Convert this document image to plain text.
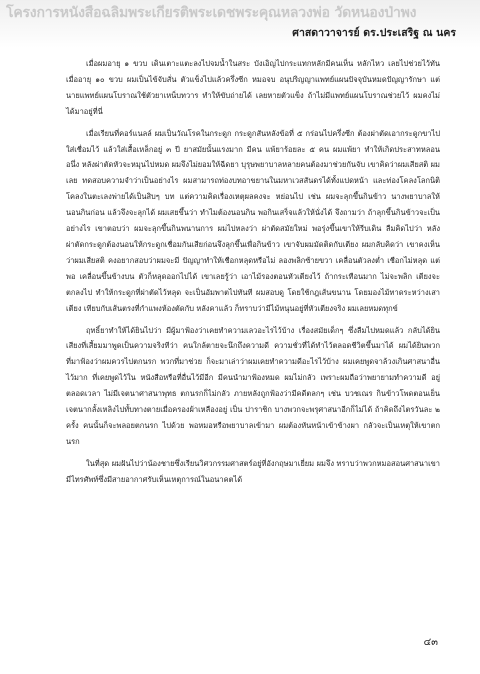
โครงการหนังสือฉลิมพระเกียรติพระเดชพระคุณหลวงพ่อ วัดหนองป่าพง
ศาสดาวาจารย์ ดร.ประเสริฐ ณ นคร

เมื่อผมอายุ ๑ ขวบ เดินเตาะแตะลงไปจมน้ำในสระ บังเอิญไปกระแทกหลักมีคนเห็น หลักไหว เลยไปช่วยไว้ทัน เมื่ออายุ ๑๐ ขวบ ผมเป็นไข้จับสั่น ตัวแข็งไปแล้วครึ่งซีก หมอจบ อนุปริญญาแพทย์แผนปัจจุบันหมดปัญญารักษา แต่นายแพทย์แผนโบราณใช้ตัวยาเหน็บทวาร ทำให้ขับถ่ายได้ เลยหายตัวแข็ง ถ้าไม่มีแพทย์แผนโบราณช่วยไว้ ผมคงไม่ได้มาอยู่ที่นี่

เมื่อเรียนที่คอร์แนลล์ ผมเป็นวัณโรคในกระดูก กระดูกสันหลังข้อที่ ๕ กร่อนไปครึ่งซีก ต้องผ่าตัดเอากระดูกขาไปใส่เชื่อมไว้ แล้วใส่เสื้อเหล็กอยู่ ๓ ปี ยาสมัยนั้นแรงมาก มีคน แพ้ยาร้อยละ ๕ คน ผมแพ้ยา ทำให้เกิดประสาทหลอน อนึ่ง หลังผ่าตัดหัวจะหมุนไปหมด ผมจึงไม่ยอมให้ฉีดยา บุรุษพยาบาลหลายคนต้องมาช่วยกันจับ เขาคิดว่าผมเสียสติ ผมเลย ทดสอบความจำว่าเป็นอย่างไร ผมสามารถท่องบทอาขยานในมหาเวสสันดรได้ทั้งแปดหน้า และท่องโคลงโลกนิติ โคลงในตะเลงพ่ายได้เป็นสิบๆ บท แต่ความคิดเรื่องเหตุผลคงจะ หย่อนไป เช่น ผมจะลุกขึ้นกินข้าว นางพยาบาลให้นอนกินก่อน แล้วจึงจะลุกได้ ผมเสยขึ้นว่า ทำไมต้องนอนกิน พอกินเสร็จแล้วให้นั่งได้ จึงถามว่า ถ้าลุกขึ้นกินข้าวจะเป็นอย่างไร เขาตอบว่า ผมจะลุกขึ้นกินพนานการ ผมไปหลงว่า ผ่าตัดสมัยใหม่ พอรุ่งขึ้นเขาให้รีบเดิน ลืมคิดไปว่า หลังผ่าตัดกระดูกต้องนอนให้กระดูกเชื่อมกันเสียก่อนจึงลุกขึ้นเพื่อกินข้าว เขาจับผมมัดติดกับเตียง ผมกลับคิดว่า เขาคงเห็นว่าผมเสียสติ คงอยากสอบว่าผมจะมี ปัญญาทำให้เชือกหลุดหรือไม่ ลองพลิกซ้ายขวา เคลื่อนตัวลงต่ำ เชือกไม่หลุด แต่พอ เคลื่อนขึ้นข้างบน ตัวก็หลุดออกไปได้ เขาเลยรู้ว่า เอาไม้รองตอนหัวเตียงไว้ ถ้ากระเทือนมาก ไม่จะพลิก เตียงจะตกลงไป ทำให้กระดูกที่ผ่าตัดไว้หลุด จะเป็นอัมพาตไปทันที ผมสอบดู โดยใช้กฎเส้นขนาน โดยมองไม้ทาดระหว่างเสาเตียง เทียบกับเส้นตรงที่กำแพงห้องตัดกับ หลังคาแล้ว ก็ทราบว่ามีไม้หนุนอยู่ที่หัวเตียงจริง ผมเลยหมดทุกข์

ฤทธิ์ยาทำให้ได้ยินไปว่า มีผู้มาฟ้องว่าเคยทำความเลวอะไรไว้บ้าง เรื่องสมัยเด็กๆ ซึ่งลืมไปหมดแล้ว กลับได้ยินเสียงที่เสี้ยมมาพูดเป็นความจริงทีว่า คนใกล้ตายจะนึกถึงความดี ความชั่วที่ได้ทำไว้ตลอดชีวิตขึ้นมาได้ ผมได้ยินพวกที่มาฟ้องว่าผมควรไปตกนรก พวกที่มาช่วย ก็จะมาเล่าว่าผมเคยทำความดีอะไรไว้บ้าง ผมเคยพูดจาล้วงเกินศาสนาอื่นไว้มาก ที่เคยพูดไว้ใน หนังสือหรือที่อื่นไว้มีอีก มีคนนำมาฟ้องหมด ผมไม่กลัว เพราะผมถือว่าพยายามทำความดี อยู่ตลอดเวลา ไม่มีเจตนาศาสนาพุทธ ตกนรกก็ไม่กลัว ภายหลังถูกฟ้องว่ามีคดีตลกๆ เช่น บวชเณร กินข้าวโพดตอนเย็น เจตนากลั้งเหลิงไปทั้บทางตายเมื่อครองผ้าเหลืองอยู่ เป็น ปาราชิก บางพวกจะพรุศาสนาอีกก็ไม่ได้ ถ้าคิดถึงไตรวันละ ๒ ครั้ง คนนั้นก็จะพลอยตกนรก ไปด้วย พอหมอหรือพยาบาลเข้ามา ผมต้องหันหน้าเข้าข้างผา กลัวจะเป็นเหตุให้เขาตกนรก

ในที่สุด ผมฝันไปว่าน้องชายซึ่งเรียนวิศวกรรมศาสตร์อยู่ที่อังกฤษมาเยี่ยม ผมจึง ทราบว่าพวกหมอสอนศาสนาเขามีไทรศัพท์ซึ่งมีสายอากาศรับเห็นเหตุการณ์ในอนาคตได้

๔๓
